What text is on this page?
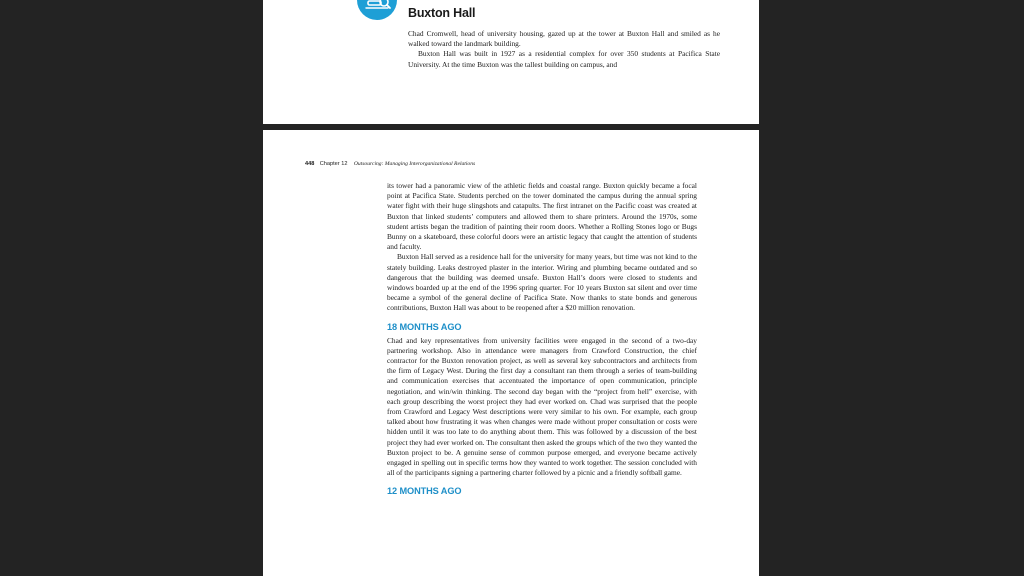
Buxton Hall

Chad Cromwell, head of university housing, gazed up at the tower at Buxton Hall and smiled as he walked toward the landmark building.

Buxton Hall was built in 1927 as a residential complex for over 350 students at Pacifica State University. At the time Buxton was the tallest building on campus, and

448 Chapter 12 Outsourcing: Managing Interorganizational Relations

its tower had a panoramic view of the athletic fields and coastal range. Buxton quickly became a focal point at Pacifica State. Students perched on the tower dominated the campus during the annual spring water fight with their huge slingshots and catapults. The first intranet on the Pacific coast was created at Buxton that linked students’ computers and allowed them to share printers. Around the 1970s, some student artists began the tradition of painting their room doors. Whether a Rolling Stones logo or Bugs Bunny on a skateboard, these colorful doors were an artistic legacy that caught the attention of students and faculty.

Buxton Hall served as a residence hall for the university for many years, but time was not kind to the stately building. Leaks destroyed plaster in the interior. Wiring and plumbing became outdated and so dangerous that the building was deemed unsafe. Buxton Hall’s doors were closed to students and windows boarded up at the end of the 1996 spring quarter. For 10 years Buxton sat silent and over time became a symbol of the general decline of Pacifica State. Now thanks to state bonds and generous contributions, Buxton Hall was about to be reopened after a $20 million renovation.

18 MONTHS AGO

Chad and key representatives from university facilities were engaged in the second of a two-day partnering workshop. Also in attendance were managers from Crawford Construction, the chief contractor for the Buxton renovation project, as well as several key subcontractors and architects from the firm of Legacy West. During the first day a consultant ran them through a series of team-building and communication exercises that accentuated the importance of open communication, principle negotiation, and win/win thinking. The second day began with the “project from hell” exercise, with each group describing the worst project they had ever worked on. Chad was surprised that the people from Crawford and Legacy West descriptions were very similar to his own. For example, each group talked about how frustrating it was when changes were made without proper consultation or costs were hidden until it was too late to do anything about them. This was followed by a discussion of the best project they had ever worked on. The consultant then asked the groups which of the two they wanted the Buxton project to be. A genuine sense of common purpose emerged, and everyone became actively engaged in spelling out in specific terms how they wanted to work together. The session concluded with all of the participants signing a partnering charter followed by a picnic and a friendly softball game.

12 MONTHS AGO
